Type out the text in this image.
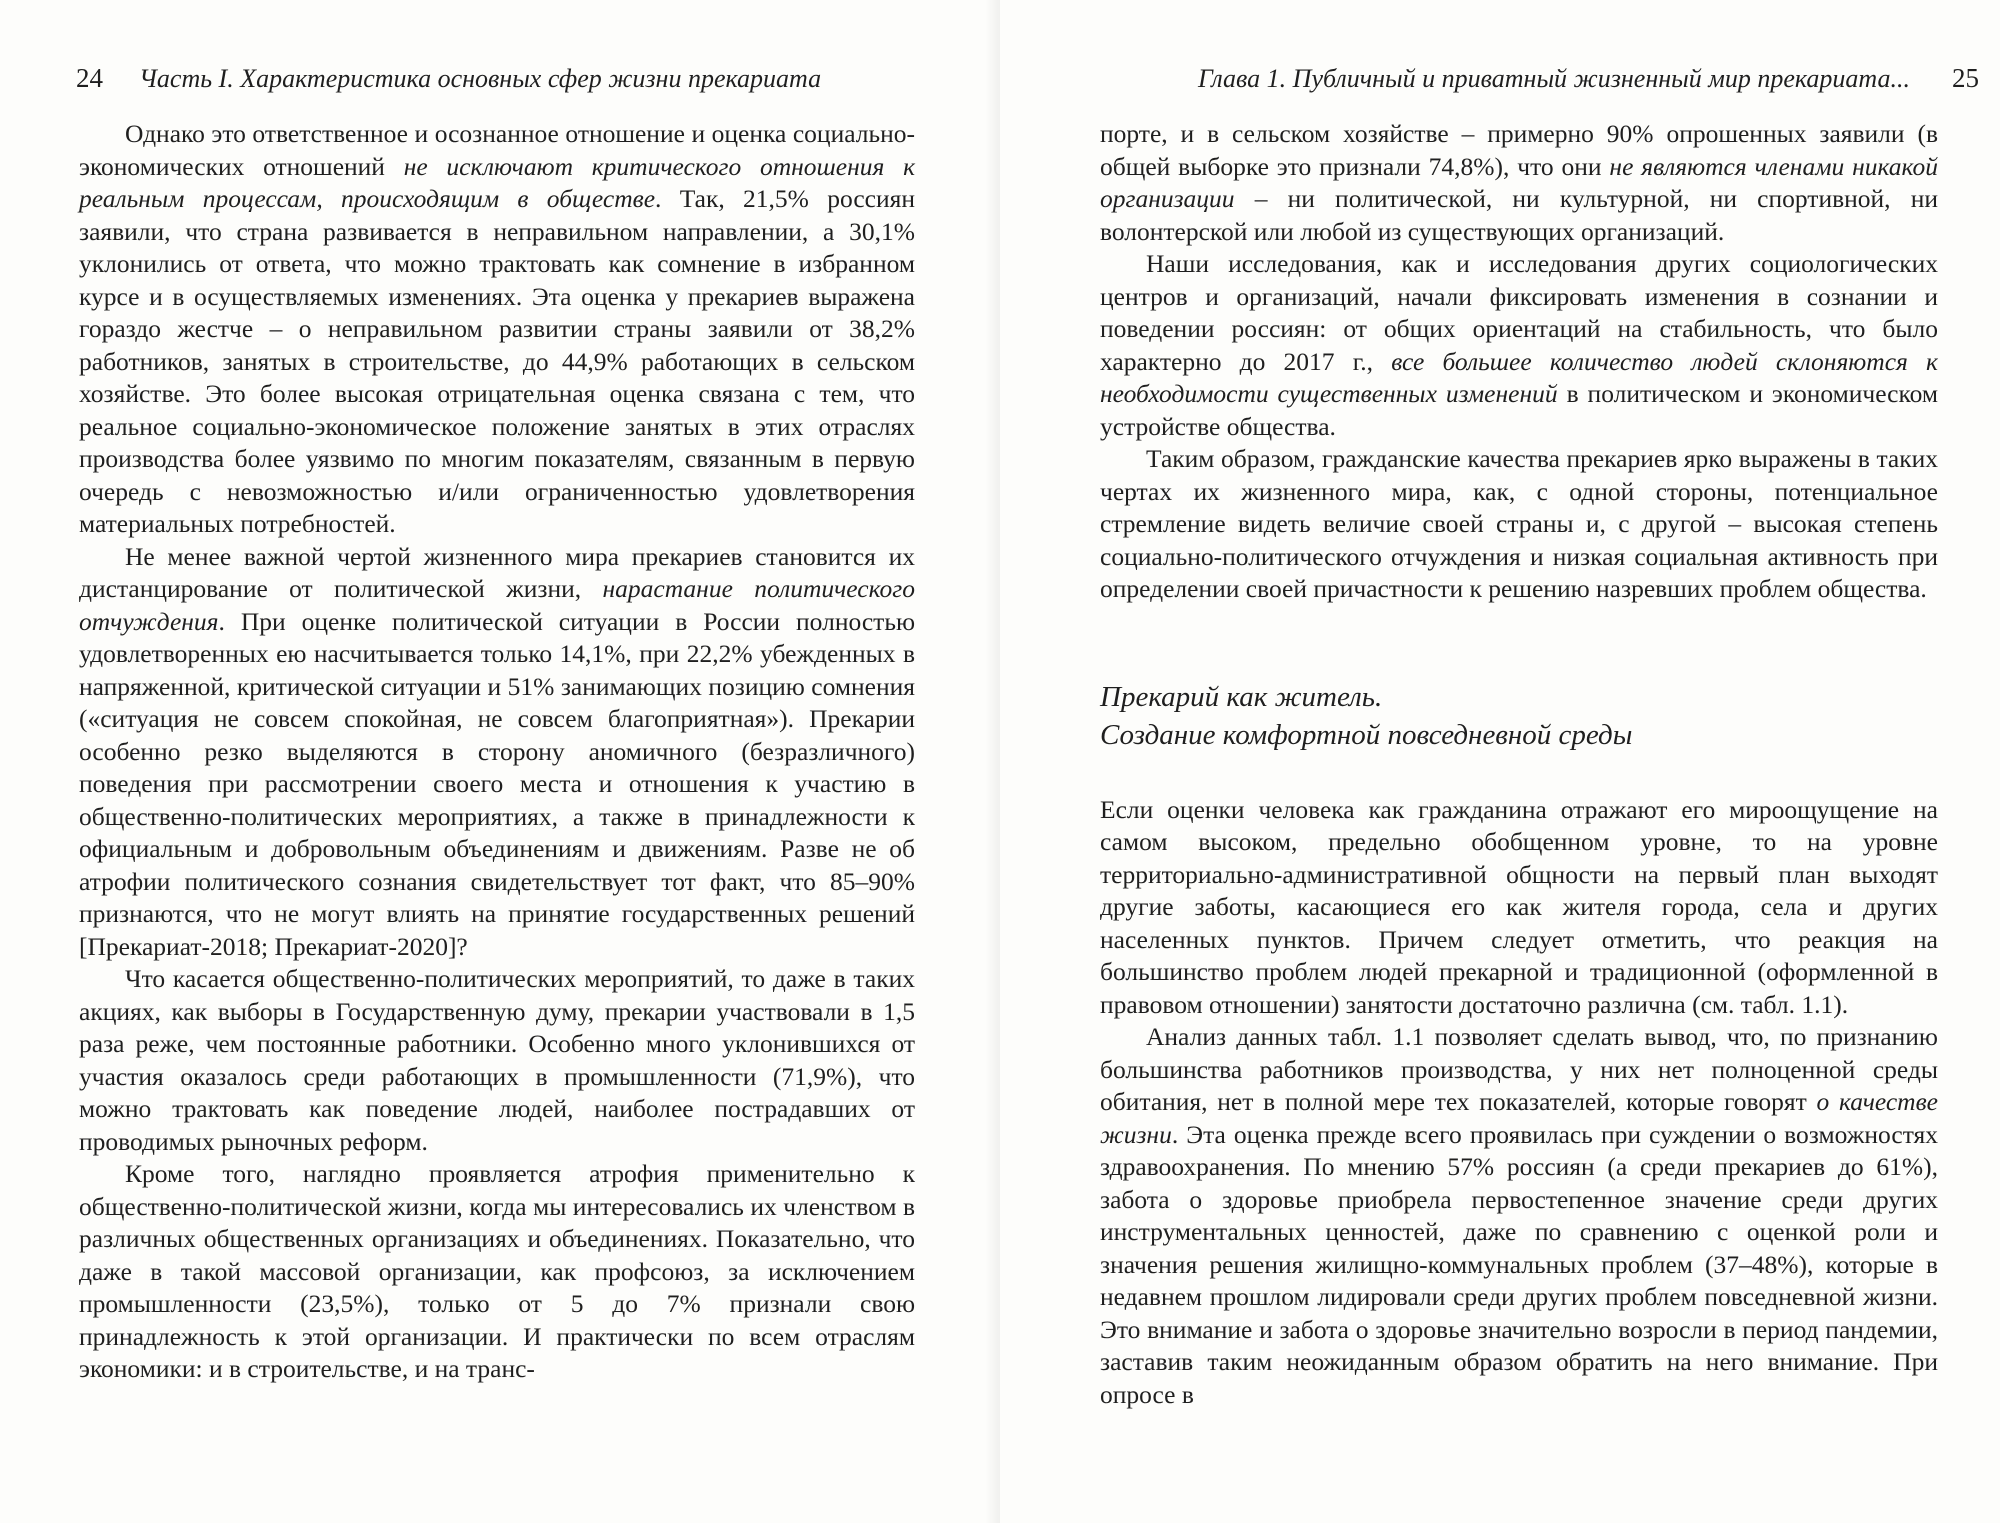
24 Часть I. Характеристика основных сфер жизни прекариата

Однако это ответственное и осознанное отношение и оценка социально-экономических отношений не исключают критического отношения к реальным процессам, происходящим в обществе. Так, 21,5% россиян заявили, что страна развивается в неправильном направлении, а 30,1% уклонились от ответа, что можно трактовать как сомнение в избранном курсе и в осуществляемых изменениях. Эта оценка у прекариев выражена гораздо жестче – о неправильном развитии страны заявили от 38,2% работников, занятых в строительстве, до 44,9% работающих в сельском хозяйстве. Это более высокая отрицательная оценка связана с тем, что реальное социально-экономическое положение занятых в этих отраслях производства более уязвимо по многим показателям, связанным в первую очередь с невозможностью и/или ограниченностью удовлетворения материальных потребностей.

Не менее важной чертой жизненного мира прекариев становится их дистанцирование от политической жизни, нарастание политического отчуждения. При оценке политической ситуации в России полностью удовлетворенных ею насчитывается только 14,1%, при 22,2% убежденных в напряженной, критической ситуации и 51% занимающих позицию сомнения («ситуация не совсем спокойная, не совсем благоприятная»). Прекарии особенно резко выделяются в сторону аномичного (безразличного) поведения при рассмотрении своего места и отношения к участию в общественно-политических мероприятиях, а также в принадлежности к официальным и добровольным объединениям и движениям. Разве не об атрофии политического сознания свидетельствует тот факт, что 85–90% признаются, что не могут влиять на принятие государственных решений [Прекариат-2018; Прекариат-2020]?

Что касается общественно-политических мероприятий, то даже в таких акциях, как выборы в Государственную думу, прекарии участвовали в 1,5 раза реже, чем постоянные работники. Особенно много уклонившихся от участия оказалось среди работающих в промышленности (71,9%), что можно трактовать как поведение людей, наиболее пострадавших от проводимых рыночных реформ.

Кроме того, наглядно проявляется атрофия применительно к общественно-политической жизни, когда мы интересовались их членством в различных общественных организациях и объединениях. Показательно, что даже в такой массовой организации, как профсоюз, за исключением промышленности (23,5%), только от 5 до 7% признали свою принадлежность к этой организации. И практически по всем отраслям экономики: и в строительстве, и на транс-

Глава 1. Публичный и приватный жизненный мир прекариата... 25

порте, и в сельском хозяйстве – примерно 90% опрошенных заявили (в общей выборке это признали 74,8%), что они не являются членами никакой организации – ни политической, ни культурной, ни спортивной, ни волонтерской или любой из существующих организаций.

Наши исследования, как и исследования других социологических центров и организаций, начали фиксировать изменения в сознании и поведении россиян: от общих ориентаций на стабильность, что было характерно до 2017 г., все большее количество людей склоняются к необходимости существенных изменений в политическом и экономическом устройстве общества.

Таким образом, гражданские качества прекариев ярко выражены в таких чертах их жизненного мира, как, с одной стороны, потенциальное стремление видеть величие своей страны и, с другой – высокая степень социально-политического отчуждения и низкая социальная активность при определении своей причастности к решению назревших проблем общества.

Прекарий как житель.
Создание комфортной повседневной среды

Если оценки человека как гражданина отражают его мироощущение на самом высоком, предельно обобщенном уровне, то на уровне территориально-административной общности на первый план выходят другие заботы, касающиеся его как жителя города, села и других населенных пунктов. Причем следует отметить, что реакция на большинство проблем людей прекарной и традиционной (оформленной в правовом отношении) занятости достаточно различна (см. табл. 1.1).

Анализ данных табл. 1.1 позволяет сделать вывод, что, по признанию большинства работников производства, у них нет полноценной среды обитания, нет в полной мере тех показателей, которые говорят о качестве жизни. Эта оценка прежде всего проявилась при суждении о возможностях здравоохранения. По мнению 57% россиян (а среди прекариев до 61%), забота о здоровье приобрела первостепенное значение среди других инструментальных ценностей, даже по сравнению с оценкой роли и значения решения жилищно-коммунальных проблем (37–48%), которые в недавнем прошлом лидировали среди других проблем повседневной жизни. Это внимание и забота о здоровье значительно возросли в период пандемии, заставив таким неожиданным образом обратить на него внимание. При опросе в
